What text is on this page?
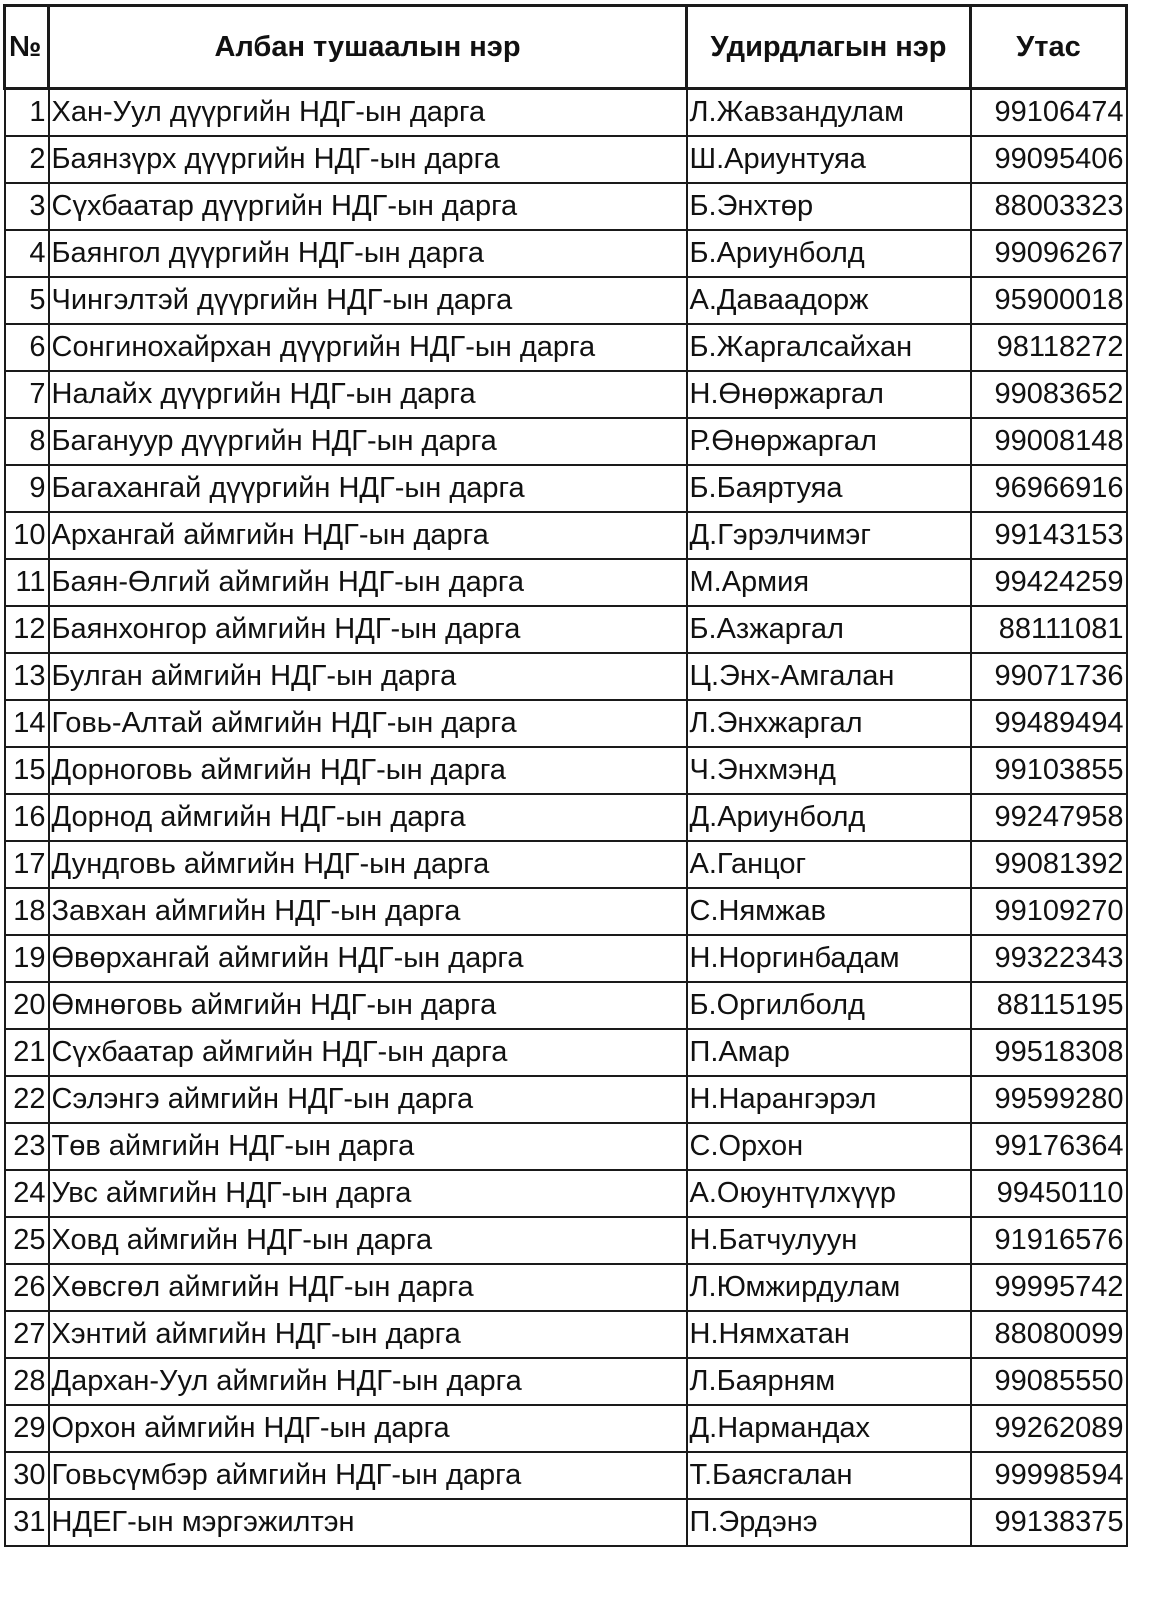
№	Албан тушаалын нэр	Удирдлагын нэр	Утас
1	Хан-Уул дүүргийн НДГ-ын дарга	Л.Жавзандулам	99106474
2	Баянзүрх дүүргийн НДГ-ын дарга	Ш.Ариунтуяа	99095406
3	Сүхбаатар дүүргийн НДГ-ын дарга	Б.Энхтөр	88003323
4	Баянгол дүүргийн НДГ-ын дарга	Б.Ариунболд	99096267
5	Чингэлтэй дүүргийн НДГ-ын дарга	А.Даваадорж	95900018
6	Сонгинохайрхан дүүргийн НДГ-ын дарга	Б.Жаргалсайхан	98118272
7	Налайх дүүргийн НДГ-ын дарга	Н.Өнөржаргал	99083652
8	Багануур дүүргийн НДГ-ын дарга	Р.Өнөржаргал	99008148
9	Багахангай дүүргийн НДГ-ын дарга	Б.Баяртуяа	96966916
10	Архангай аймгийн НДГ-ын дарга	Д.Гэрэлчимэг	99143153
11	Баян-Өлгий аймгийн НДГ-ын дарга	М.Армия	99424259
12	Баянхонгор аймгийн НДГ-ын дарга	Б.Азжаргал	88111081
13	Булган аймгийн НДГ-ын дарга	Ц.Энх-Амгалан	99071736
14	Говь-Алтай аймгийн НДГ-ын дарга	Л.Энхжаргал	99489494
15	Дорноговь аймгийн НДГ-ын дарга	Ч.Энхмэнд	99103855
16	Дорнод аймгийн НДГ-ын дарга	Д.Ариунболд	99247958
17	Дундговь аймгийн НДГ-ын дарга	А.Ганцог	99081392
18	Завхан аймгийн НДГ-ын дарга	С.Нямжав	99109270
19	Өвөрхангай аймгийн НДГ-ын дарга	Н.Норгинбадам	99322343
20	Өмнөговь аймгийн НДГ-ын дарга	Б.Оргилболд	88115195
21	Сүхбаатар аймгийн НДГ-ын дарга	П.Амар	99518308
22	Сэлэнгэ аймгийн НДГ-ын дарга	Н.Нарангэрэл	99599280
23	Төв аймгийн НДГ-ын дарга	С.Орхон	99176364
24	Увс аймгийн НДГ-ын дарга	А.Оюунтүлхүүр	99450110
25	Ховд аймгийн НДГ-ын дарга	Н.Батчулуун	91916576
26	Хөвсгөл аймгийн НДГ-ын дарга	Л.Юмжирдулам	99995742
27	Хэнтий аймгийн НДГ-ын дарга	Н.Нямхатан	88080099
28	Дархан-Уул аймгийн НДГ-ын дарга	Л.Баярням	99085550
29	Орхон аймгийн НДГ-ын дарга	Д.Нармандах	99262089
30	Говьсүмбэр аймгийн НДГ-ын дарга	Т.Баясгалан	99998594
31	НДЕГ-ын мэргэжилтэн	П.Эрдэнэ	99138375
